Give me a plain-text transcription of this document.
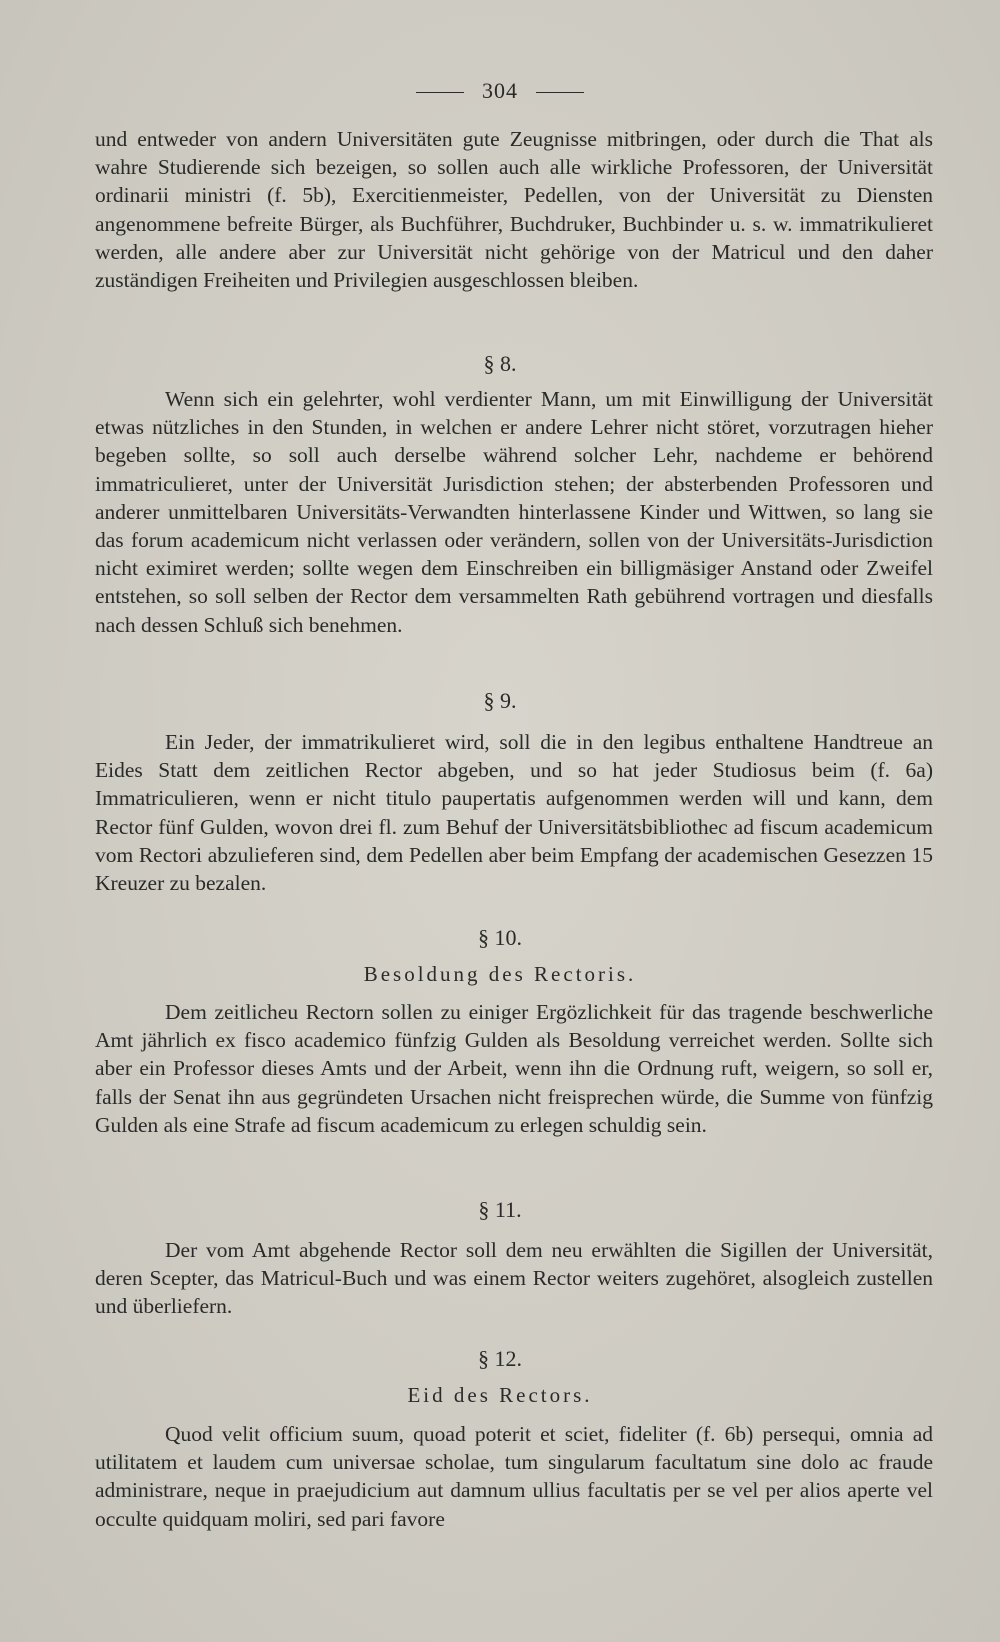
304

und entweder von andern Universitäten gute Zeugnisse mitbringen, oder durch die That als wahre Studierende sich bezeigen, so sollen auch alle wirkliche Professoren, der Universität ordinarii ministri (f. 5b), Exercitienmeister, Pedellen, von der Universität zu Diensten angenommene befreite Bürger, als Buchführer, Buchdruker, Buchbinder u. s. w. immatrikulieret werden, alle andere aber zur Universität nicht gehörige von der Matricul und den daher zuständigen Freiheiten und Privilegien ausgeschlossen bleiben.

§ 8.

Wenn sich ein gelehrter, wohl verdienter Mann, um mit Einwilligung der Universität etwas nützliches in den Stunden, in welchen er andere Lehrer nicht störet, vorzutragen hieher begeben sollte, so soll auch derselbe während solcher Lehr, nachdeme er behörend immatriculieret, unter der Universität Jurisdiction stehen; der absterbenden Professoren und anderer unmittelbaren Universitäts-Verwandten hinterlassene Kinder und Wittwen, so lang sie das forum academicum nicht verlassen oder verändern, sollen von der Universitäts-Jurisdiction nicht eximiret werden; sollte wegen dem Einschreiben ein billigmäsiger Anstand oder Zweifel entstehen, so soll selben der Rector dem versammelten Rath gebührend vortragen und diesfalls nach dessen Schluß sich benehmen.

§ 9.

Ein Jeder, der immatrikulieret wird, soll die in den legibus enthaltene Handtreue an Eides Statt dem zeitlichen Rector abgeben, und so hat jeder Studiosus beim (f. 6a) Immatriculieren, wenn er nicht titulo paupertatis aufgenommen werden will und kann, dem Rector fünf Gulden, wovon drei fl. zum Behuf der Universitätsbibliothec ad fiscum academicum vom Rectori abzulieferen sind, dem Pedellen aber beim Empfang der academischen Gesezzen 15 Kreuzer zu bezalen.

§ 10.
Besoldung des Rectoris.

Dem zeitlicheu Rectorn sollen zu einiger Ergözlichkeit für das tragende beschwerliche Amt jährlich ex fisco academico fünfzig Gulden als Besoldung verreichet werden. Sollte sich aber ein Professor dieses Amts und der Arbeit, wenn ihn die Ordnung ruft, weigern, so soll er, falls der Senat ihn aus gegründeten Ursachen nicht freisprechen würde, die Summe von fünfzig Gulden als eine Strafe ad fiscum academicum zu erlegen schuldig sein.

§ 11.

Der vom Amt abgehende Rector soll dem neu erwählten die Sigillen der Universität, deren Scepter, das Matricul-Buch und was einem Rector weiters zugehöret, alsogleich zustellen und überliefern.

§ 12.
Eid des Rectors.

Quod velit officium suum, quoad poterit et sciet, fideliter (f. 6b) persequi, omnia ad utilitatem et laudem cum universae scholae, tum singularum facultatum sine dolo ac fraude administrare, neque in praejudicium aut damnum ullius facultatis per se vel per alios aperte vel occulte quidquam moliri, sed pari favore
